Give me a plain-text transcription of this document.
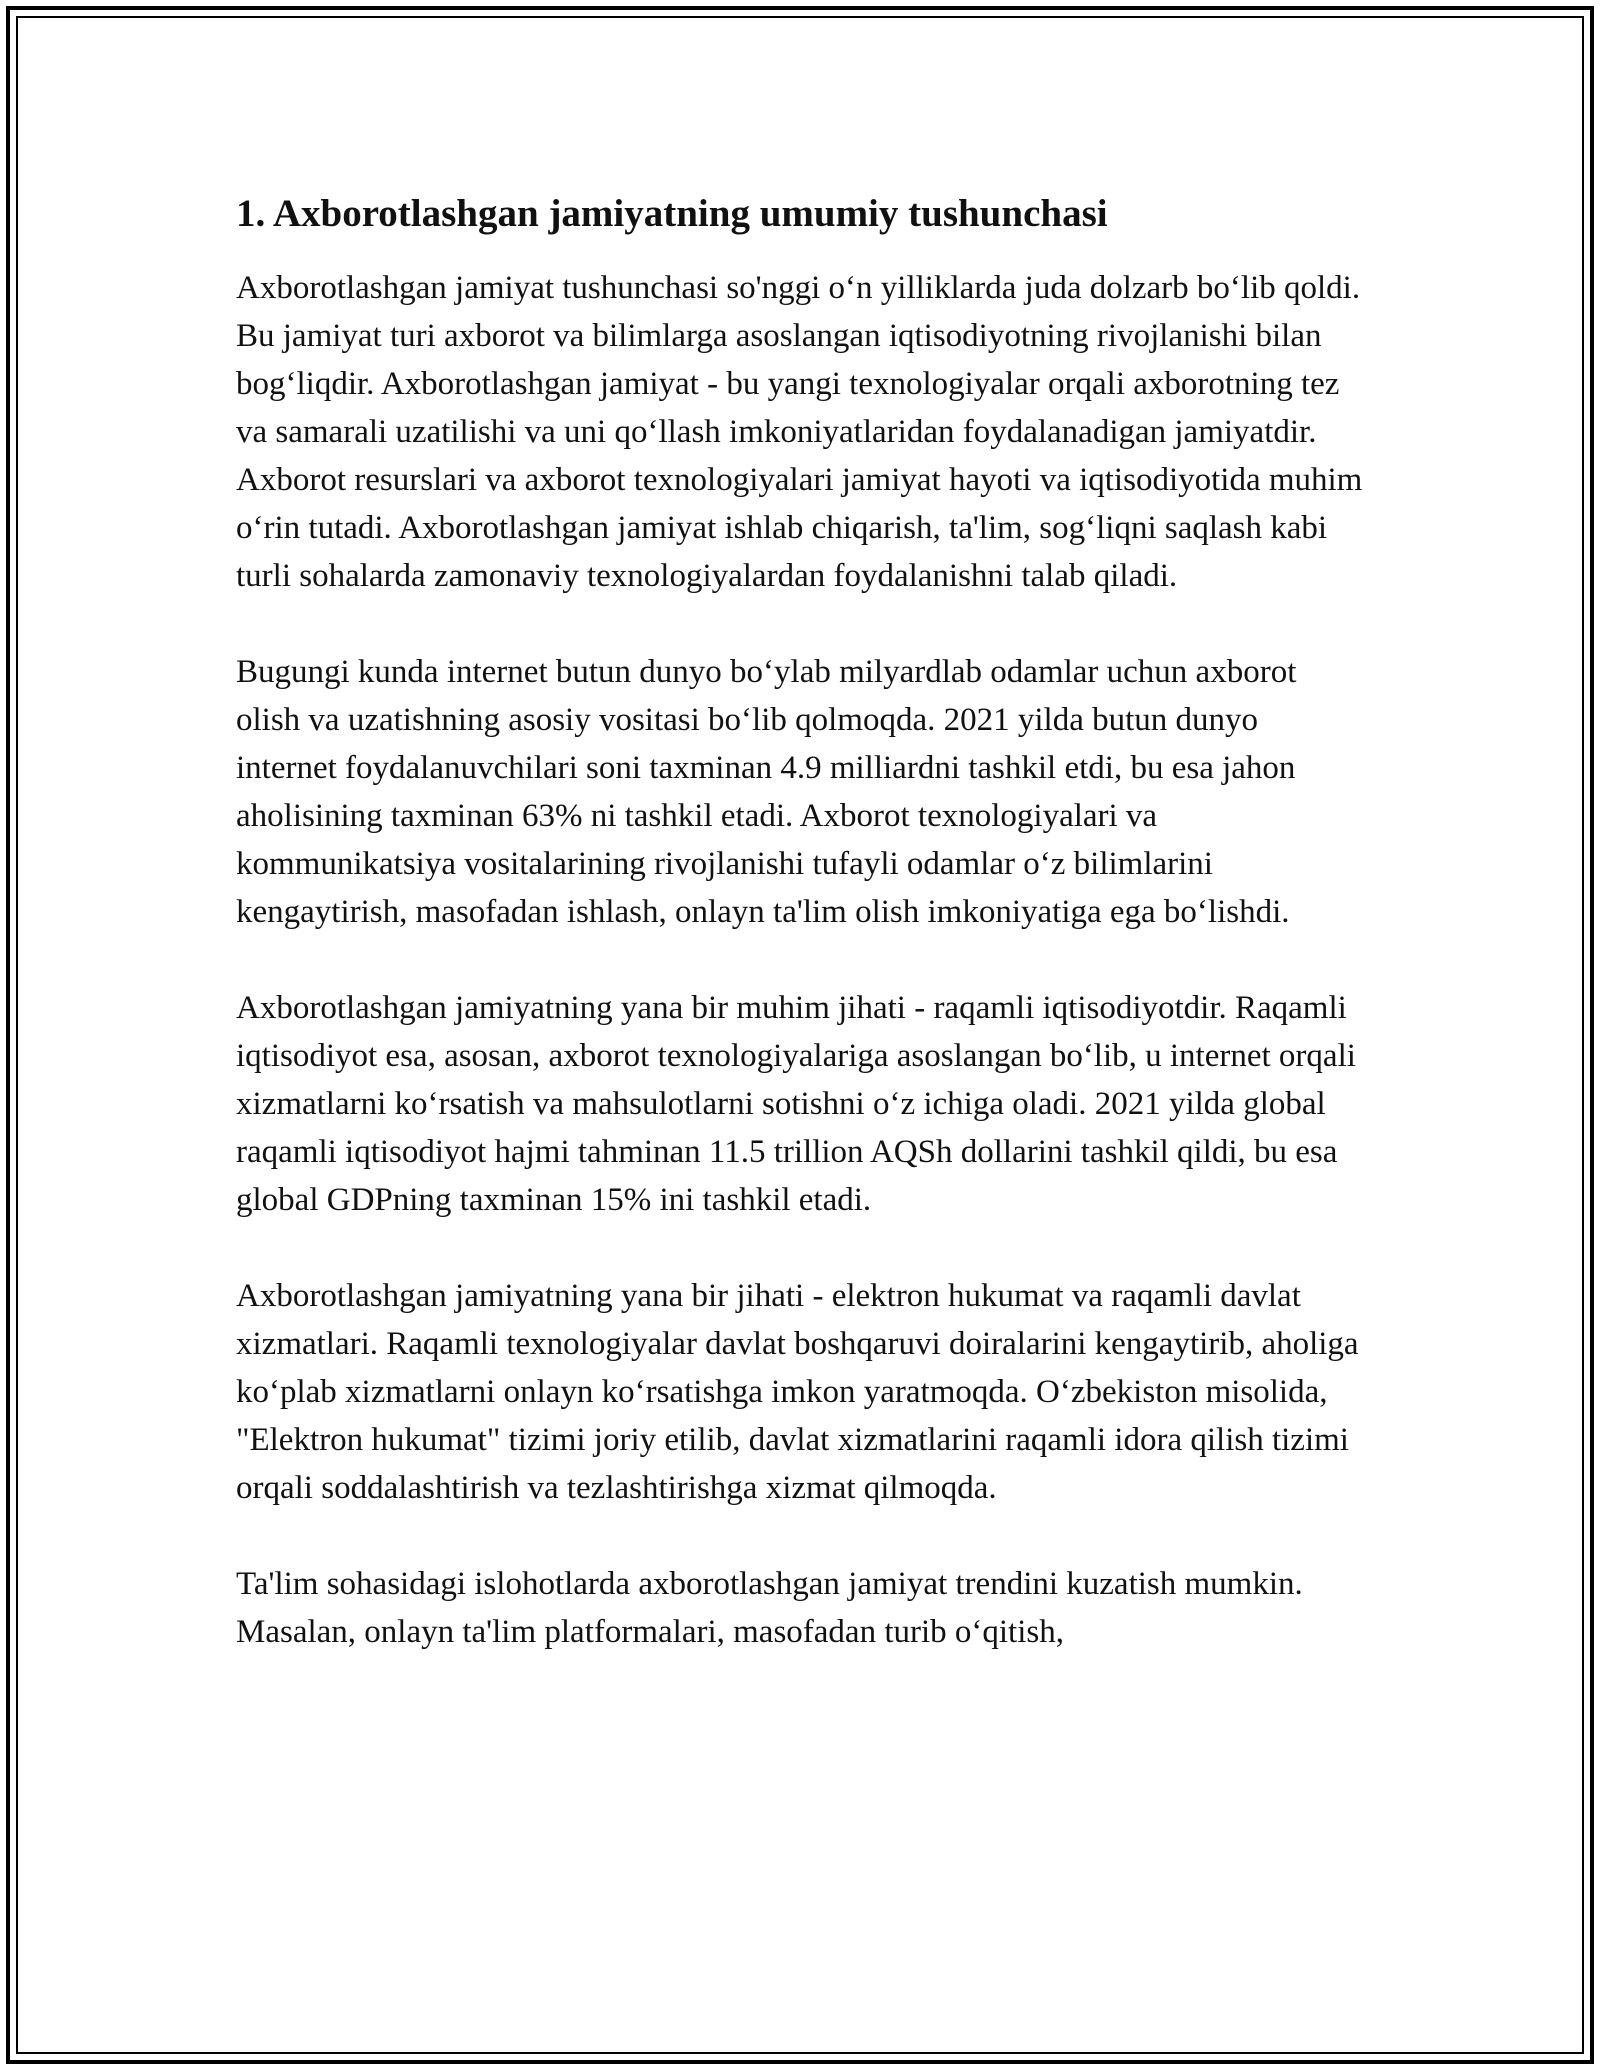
1. Axborotlashgan jamiyatning umumiy tushunchasi

Axborotlashgan jamiyat tushunchasi so'nggi o‘n yilliklarda juda dolzarb bo‘lib qoldi. Bu jamiyat turi axborot va bilimlarga asoslangan iqtisodiyotning rivojlanishi bilan bog‘liqdir. Axborotlashgan jamiyat - bu yangi texnologiyalar orqali axborotning tez va samarali uzatilishi va uni qo‘llash imkoniyatlaridan foydalanadigan jamiyatdir. Axborot resurslari va axborot texnologiyalari jamiyat hayoti va iqtisodiyotida muhim o‘rin tutadi. Axborotlashgan jamiyat ishlab chiqarish, ta'lim, sog‘liqni saqlash kabi turli sohalarda zamonaviy texnologiyalardan foydalanishni talab qiladi.

Bugungi kunda internet butun dunyo bo‘ylab milyardlab odamlar uchun axborot olish va uzatishning asosiy vositasi bo‘lib qolmoqda. 2021 yilda butun dunyo internet foydalanuvchilari soni taxminan 4.9 milliardni tashkil etdi, bu esa jahon aholisining taxminan 63% ni tashkil etadi. Axborot texnologiyalari va kommunikatsiya vositalarining rivojlanishi tufayli odamlar o‘z bilimlarini kengaytirish, masofadan ishlash, onlayn ta'lim olish imkoniyatiga ega bo‘lishdi.

Axborotlashgan jamiyatning yana bir muhim jihati - raqamli iqtisodiyotdir. Raqamli iqtisodiyot esa, asosan, axborot texnologiyalariga asoslangan bo‘lib, u internet orqali xizmatlarni ko‘rsatish va mahsulotlarni sotishni o‘z ichiga oladi. 2021 yilda global raqamli iqtisodiyot hajmi tahminan 11.5 trillion AQSh dollarini tashkil qildi, bu esa global GDPning taxminan 15% ini tashkil etadi.

Axborotlashgan jamiyatning yana bir jihati - elektron hukumat va raqamli davlat xizmatlari. Raqamli texnologiyalar davlat boshqaruvi doiralarini kengaytirib, aholiga ko‘plab xizmatlarni onlayn ko‘rsatishga imkon yaratmoqda. O‘zbekiston misolida, "Elektron hukumat" tizimi joriy etilib, davlat xizmatlarini raqamli idora qilish tizimi orqali soddalashtirish va tezlashtirishga xizmat qilmoqda.

Ta'lim sohasidagi islohotlarda axborotlashgan jamiyat trendini kuzatish mumkin. Masalan, onlayn ta'lim platformalari, masofadan turib o‘qitish,
